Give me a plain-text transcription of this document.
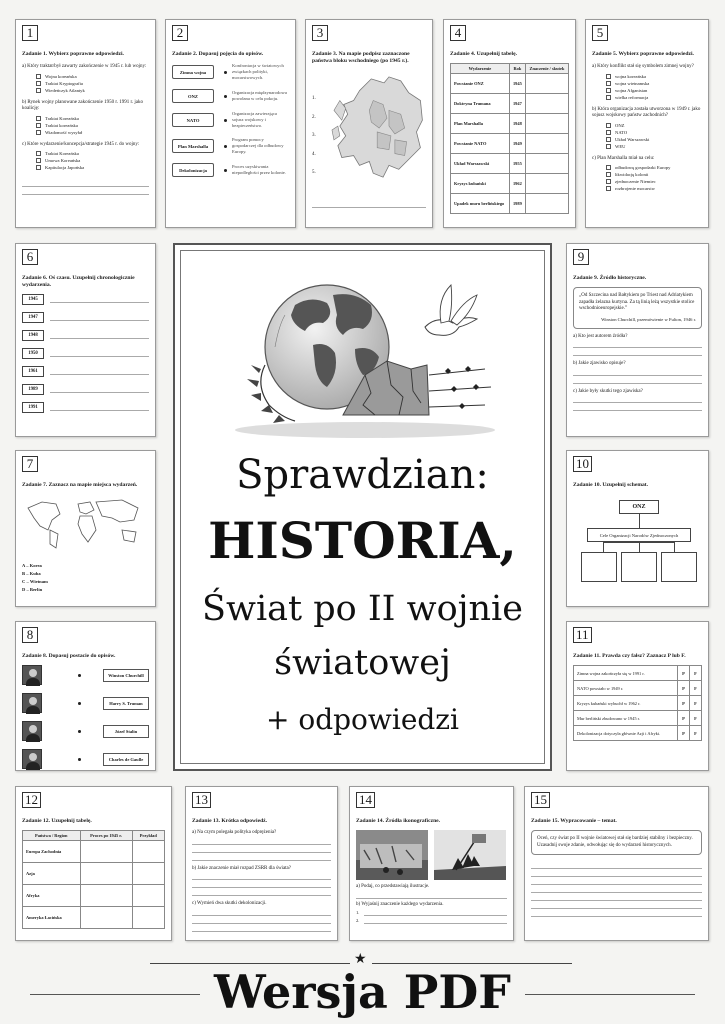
1
Zadanie 1. Wybierz poprawne odpowiedzi.
a) Który traktat/był zawarty zakończenie w 1945 r. lub wojny:
Wojna koreańska
Traktat Kryptografia
Wiedeńczyk Atlantyk
b) Rynek wojny planowane zakończenie 1950 r. 1991 r. jako koalicję:
Traktat Koreańska
Traktat koreańska
Wiadomość wysyłał
c) Które wydarzenie/koncepcja/strategie 1945 r. do wojny:
Traktat Koreańska
Umowa Koreańska
Kapitulacja Japońska
2
Zadanie 2. Dopasuj pojęcia do opisów.
Zimna wojna
Konfrontacja w światowych związkach polityki, mocarstwowych.
ONZ
Organizacja międzynarodowa powołana w celu pokoju.
NATO
Organizacja zawierająca sojusz wojskowy i bezpieczeństwo.
Plan Marshalla
Program pomocy gospodarczej dla odbudowy Europy.
Dekolonizacja
Proces uzyskiwania niepodległości przez kolonie.
3
Zadanie 3. Na mapie podpisz zaznaczone państwa bloku wschodniego (po 1945 r.).
1.
2.
3.
4.
5.
4
Zadanie 4. Uzupełnij tabelę.
Wydarzenie	Rok	Znaczenie / skutek
Powstanie ONZ	1945	
Doktryna Trumana	1947	
Plan Marshalla	1948	
Powstanie NATO	1949	
Układ Warszawski	1955	
Kryzys kubański	1962	
Upadek muru berlińskiego	1989	
5
Zadanie 5. Wybierz poprawne odpowiedzi.
a) Który konflikt stał się symbolem zimnej wojny?
wojna koreańska
wojna wietnamska
wojna Afganistan
wielka reformacja
b) Która organizacja została utworzona w 1949 r. jako sojusz wojskowy państw zachodnich?
ONZ
NATO
Układ Warszawski
WEU
c) Plan Marshalla miał na celu:
odbudowę gospodarki Europy
likwidację kolonii
zjednoczenie Niemiec
rozbrojenie mocarstw
6
Zadanie 6. Oś czasu. Uzupełnij chronologicznie wydarzenia.
1945
1947
1948
1950
1961
1989
1991
7
Zadanie 7. Zaznacz na mapie miejsca wydarzeń.
A – Korea
B – Kuba
C – Wietnam
D – Berlin
8
Zadanie 8. Dopasuj postacie do opisów.
Winston Churchill
Harry S. Truman
Józef Stalin
Charles de Gaulle
9
Zadanie 9. Źródło historyczne.
„Od Szczecina nad Bałtykiem po Triest nad Adriatykiem zapadła żelazna kurtyna. Za tą linią leżą wszystkie stolice wschodnioeuropejskie.”
Winston Churchill, przemówienie w Fulton, 1946 r.
a) Kto jest autorem źródła?
b) Jakie zjawisko opisuje?
c) Jakie były skutki tego zjawiska?
10
Zadanie 10. Uzupełnij schemat.
ONZ
Cele Organizacji Narodów Zjednoczonych
11
Zadanie 11. Prawda czy fałsz? Zaznacz P lub F.
Zimna wojna zakończyła się w 1991 r.	P	F
NATO powstało w 1949 r.	P	F
Kryzys kubański wybuchł w 1962 r.	P	F
Mur berliński zbudowano w 1945 r.	P	F
Dekolonizacja dotyczyła głównie Azji i Afryki.	P	F
12
Zadanie 12. Uzupełnij tabelę.
Państwa / Region	Proces po 1945 r.	Przykład
Europa Zachodnia		
Azja		
Afryka		
Ameryka Łacińska		
13
Zadanie 13. Krótka odpowiedź.
a) Na czym polegała polityka odprężenia?
b) Jakie znaczenie miał rozpad ZSRR dla świata?
c) Wymień dwa skutki dekolonizacji.
14
Zadanie 14. Źródła ikonograficzne.
a) Podaj, co przedstawiają ilustracje.
b) Wyjaśnij znaczenie każdego wydarzenia.
1.
2.
15
Zadanie 15. Wypracowanie – temat.
Oceń, czy świat po II wojnie światowej stał się bardziej stabilny i bezpieczny. Uzasadnij swoje zdanie, odwołując się do wydarzeń historycznych.
Sprawdzian:
HISTORIA,
Świat po II wojnie
światowej
+ odpowiedzi
★
Wersja PDF
